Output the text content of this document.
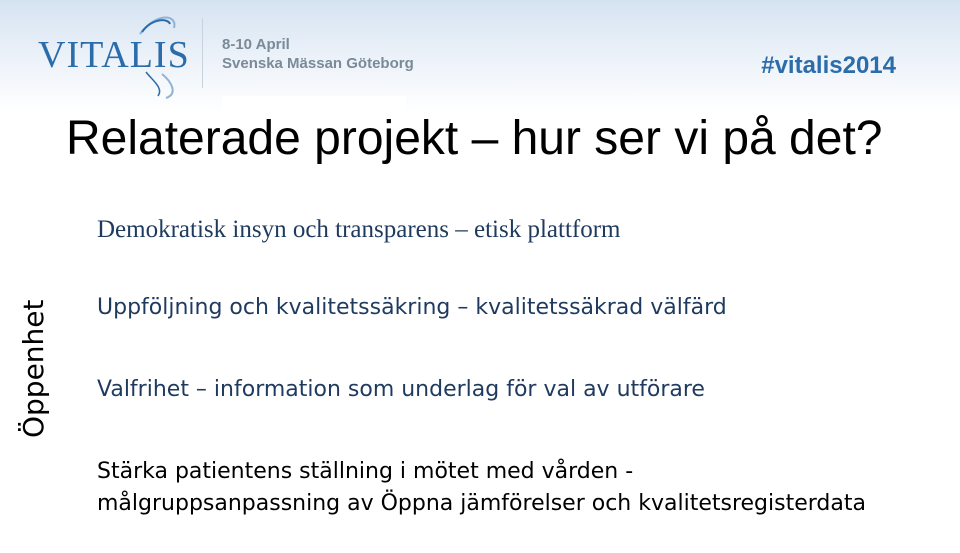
VITALIS 8-10 April
Svenska Mässan Göteborg	#vitalis2014
Relaterade projekt – hur ser vi på det?
Öppenhet

Demokratisk insyn och transparens – etisk plattform

Uppföljning och kvalitetssäkring – kvalitetssäkrad välfärd

Valfrihet – information som underlag för val av utförare

Stärka patientens ställning i mötet med vården - målgruppsanpassning av Öppna jämförelser och kvalitetsregisterdata
